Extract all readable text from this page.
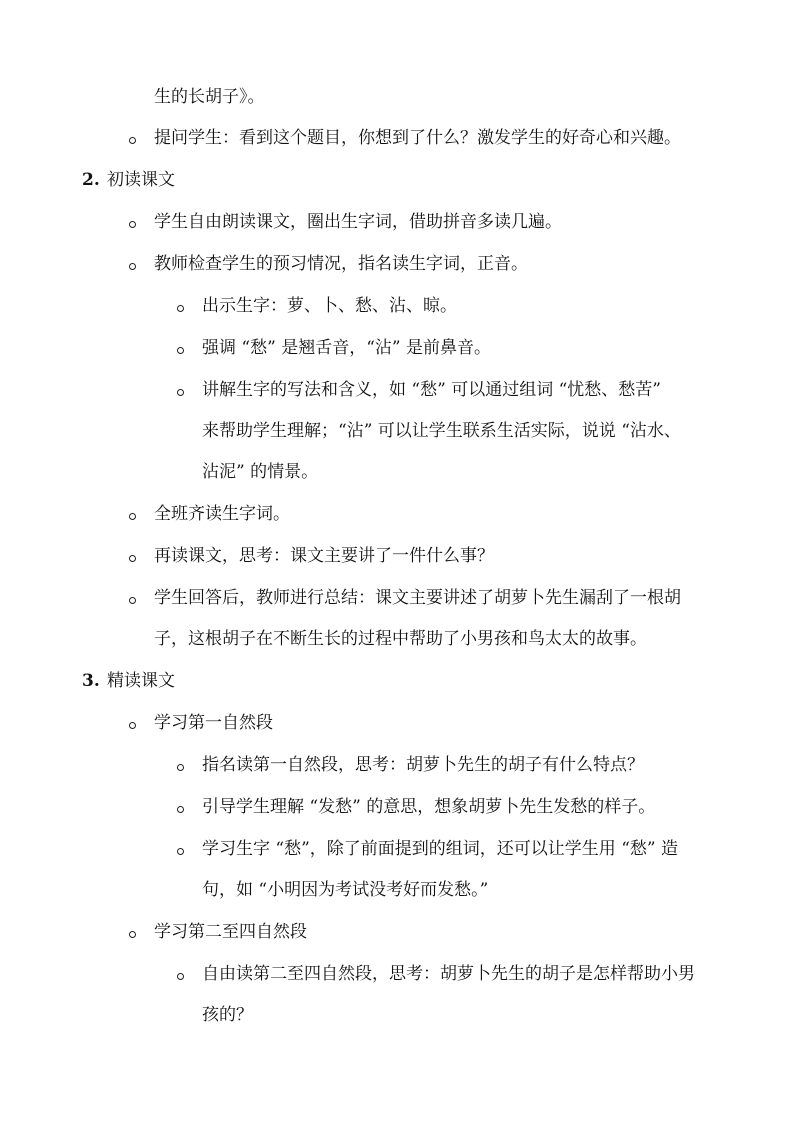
生的长胡子》。
提问学生：看到这个题目，你想到了什么？激发学生的好奇心和兴趣。
2. 初读课文
学生自由朗读课文，圈出生字词，借助拼音多读几遍。
教师检查学生的预习情况，指名读生字词，正音。
出示生字：萝、卜、愁、沾、晾。
强调 “愁” 是翘舌音，“沾” 是前鼻音。
讲解生字的写法和含义，如 “愁” 可以通过组词 “忧愁、愁苦”
来帮助学生理解；“沾” 可以让学生联系生活实际，说说 “沾水、
沾泥” 的情景。
全班齐读生字词。
再读课文，思考：课文主要讲了一件什么事？
学生回答后，教师进行总结：课文主要讲述了胡萝卜先生漏刮了一根胡
子，这根胡子在不断生长的过程中帮助了小男孩和鸟太太的故事。
3. 精读课文
学习第一自然段
指名读第一自然段，思考：胡萝卜先生的胡子有什么特点？
引导学生理解 “发愁” 的意思，想象胡萝卜先生发愁的样子。
学习生字 “愁”，除了前面提到的组词，还可以让学生用 “愁” 造
句，如 “小明因为考试没考好而发愁。”
学习第二至四自然段
自由读第二至四自然段，思考：胡萝卜先生的胡子是怎样帮助小男
孩的？
